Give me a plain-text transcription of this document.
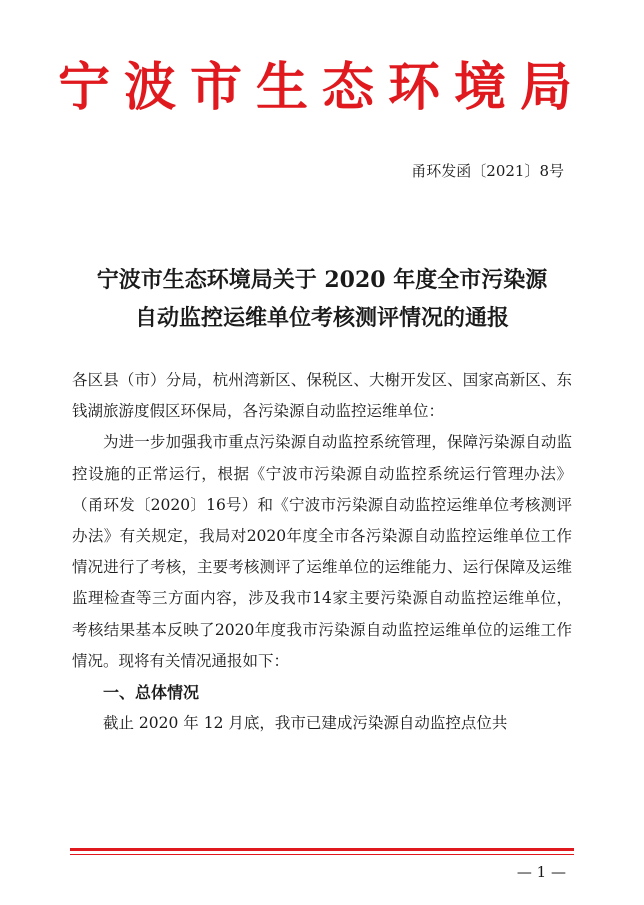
宁波市生态环境局
甬环发函〔2021〕8号
宁波市生态环境局关于 2020 年度全市污染源
自动监控运维单位考核测评情况的通报

各区县（市）分局，杭州湾新区、保税区、大榭开发区、国家高新区、东钱湖旅游度假区环保局，各污染源自动监控运维单位：

为进一步加强我市重点污染源自动监控系统管理，保障污染源自动监控设施的正常运行，根据《宁波市污染源自动监控系统运行管理办法》（甬环发〔2020〕16号）和《宁波市污染源自动监控运维单位考核测评办法》有关规定，我局对2020年度全市各污染源自动监控运维单位工作情况进行了考核，主要考核测评了运维单位的运维能力、运行保障及运维监理检查等三方面内容，涉及我市14家主要污染源自动监控运维单位，考核结果基本反映了2020年度我市污染源自动监控运维单位的运维工作情况。现将有关情况通报如下：

一、总体情况

截止 2020 年 12 月底，我市已建成污染源自动监控点位共

— 1 —
